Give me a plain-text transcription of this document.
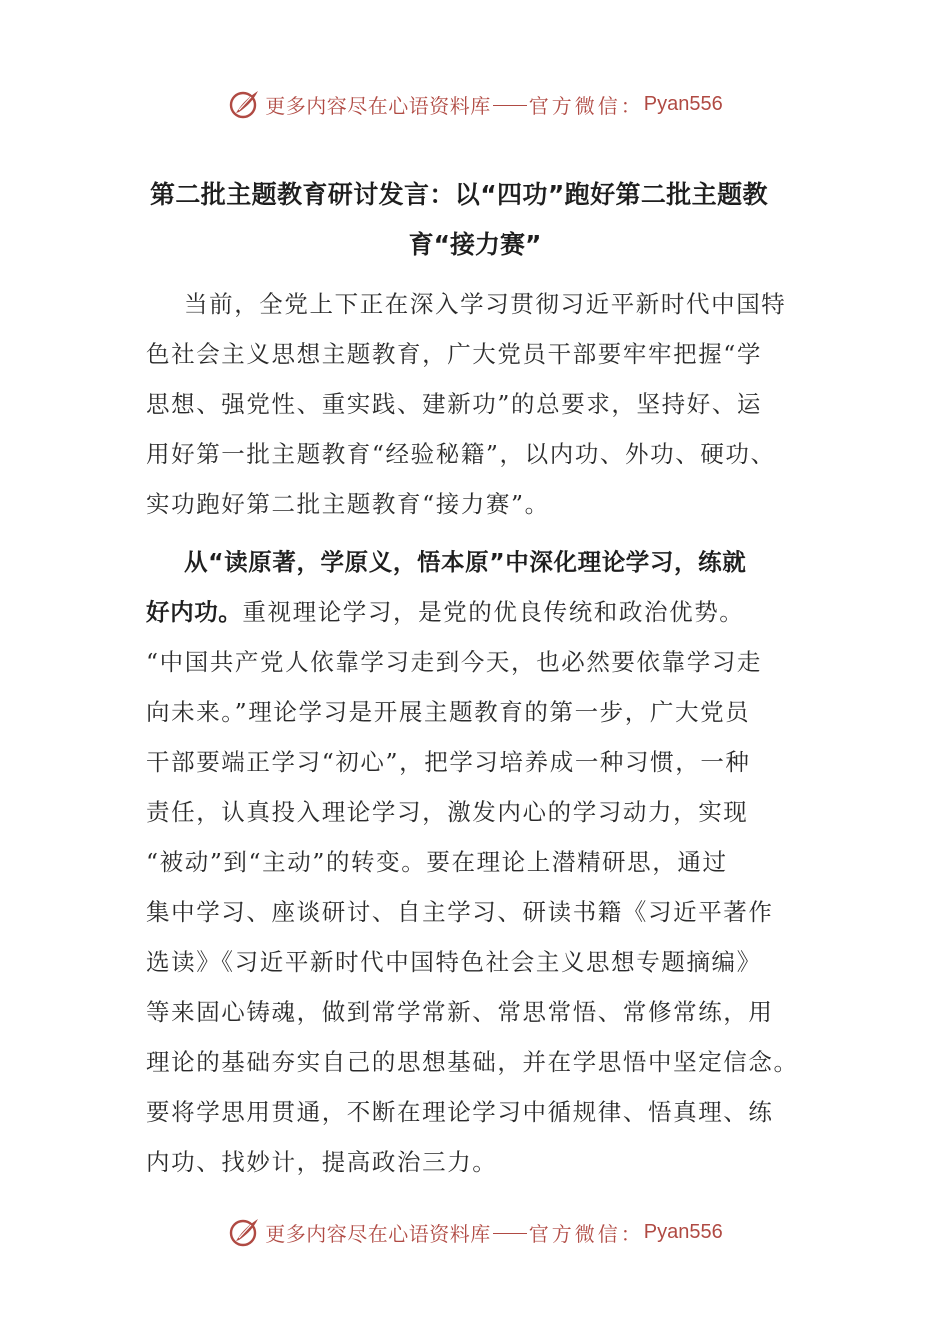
更多内容尽在心语资料库 官方微信： Pyan556
第二批主题教育研讨发言：以“四功”跑好第二批主题教
育“接力赛”

当前，全党上下正在深入学习贯彻习近平新时代中国特
色社会主义思想主题教育，广大党员干部要牢牢把握“学
思想、强党性、重实践、建新功”的总要求，坚持好、运
用好第一批主题教育“经验秘籍”，以内功、外功、硬功、
实功跑好第二批主题教育“接力赛”。

从“读原著，学原义，悟本原”中深化理论学习，练就
好内功。重视理论学习，是党的优良传统和政治优势。
“中国共产党人依靠学习走到今天，也必然要依靠学习走
向未来。”理论学习是开展主题教育的第一步，广大党员
干部要端正学习“初心”，把学习培养成一种习惯，一种
责任，认真投入理论学习，激发内心的学习动力，实现
“被动”到“主动”的转变。要在理论上潜精研思，通过
集中学习、座谈研讨、自主学习、研读书籍《习近平著作
选读》《习近平新时代中国特色社会主义思想专题摘编》
等来固心铸魂，做到常学常新、常思常悟、常修常练，用
理论的基础夯实自己的思想基础，并在学思悟中坚定信念。
要将学思用贯通，不断在理论学习中循规律、悟真理、练
内功、找妙计，提高政治三力。

更多内容尽在心语资料库 官方微信： Pyan556
